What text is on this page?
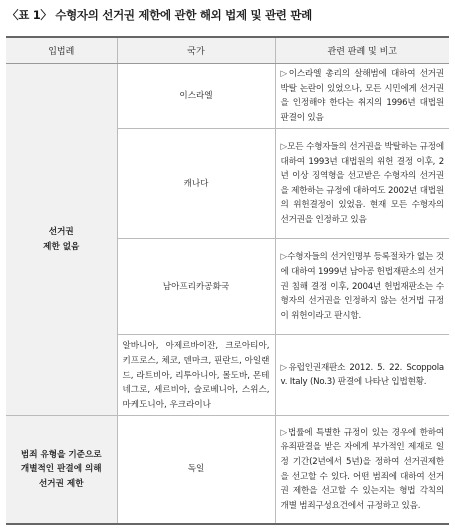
〈표 1〉 수형자의 선거권 제한에 관한 해외 법제 및 관련 판례
입법례	국가	관련 판례 및 비고
선거권
제한 없음	이스라엘	▷이스라엘 총리의 살해범에 대하여 선거권 박탈 논란이 있었으나, 모든 시민에게 선거권을 인정해야 한다는 취지의 1996년 대법원 판결이 있음
	캐나다	▷모든 수형자들의 선거권을 박탈하는 규정에 대하여 1993년 대법원의 위헌 결정 이후, 2년 이상 징역형을 선고받은 수형자의 선거권을 제한하는 규정에 대하여도 2002년 대법원의 위헌결정이 있었음. 현재 모든 수형자의 선거권을 인정하고 있음
	남아프리카공화국	▷수형자들의 선거인명부 등록절차가 없는 것에 대하여 1999년 남아공 헌법재판소의 선거권 침해 결정 이후, 2004년 헌법재판소는 수형자의 선거권을 인정하지 않는 선거법 규정이 위헌이라고 판시함.
	알바니아, 아제르바이잔, 크로아티아, 키프로스, 체코, 덴마크, 핀란드, 아일랜드, 라트비아, 리투아니아, 몰도바, 몬테네그로, 세르비아, 슬로베니아, 스위스, 마케도니아, 우크라이나	▷유럽인권재판소 2012. 5. 22. Scoppola v. Italy (No.3) 판결에 나타난 입법현황.
범죄 유형을 기준으로
개별적인 판결에 의해
선거권 제한	독일	▷법률에 특별한 규정이 있는 경우에 한하여 유죄판결을 받은 자에게 부가적인 제재로 일정 기간(2년에서 5년)을 정하여 선거권제한을 선고할 수 있다. 어떤 범죄에 대하여 선거권 제한을 선고할 수 있는지는 형법 각칙의 개별 범죄구성요건에서 규정하고 있음.
